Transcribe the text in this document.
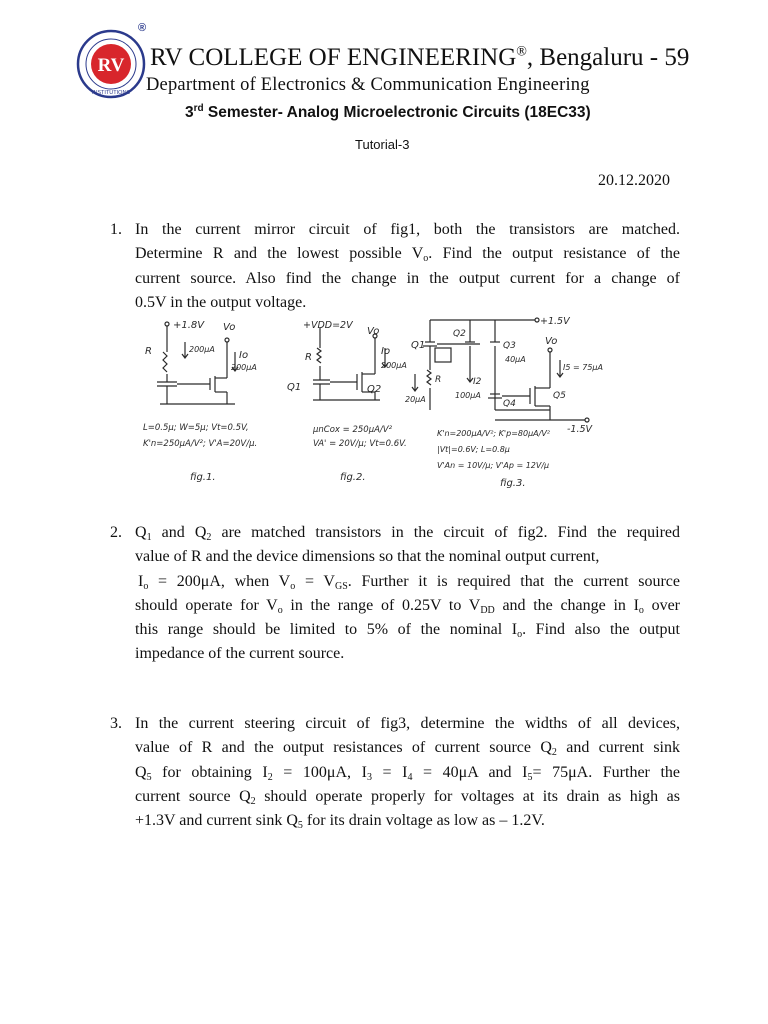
RV
INSTITUTIONS
®
RV COLLEGE OF ENGINEERING®, Bengaluru - 59
Department of Electronics & Communication Engineering
3rd Semester- Analog Microelectronic Circuits (18EC33)
Tutorial-3
20.12.2020
1. In the current mirror circuit of fig1, both the transistors are matched.
Determine R and the lowest possible $V_o$. Find the output resistance of the
current source. Also find the change in the output current for a change of
0.5V in the output voltage.
+1.8V Vo
R	200μA
Io
200μA
L=0.5μ; W=5μ; Vt=0.5V,
K'n=250μA/V²; V'A=20V/μ.
fig.1.
+VDD=2V
Vo
R
Io
200μA
Q1	Q2
μnCox = 250μA/V²
VA' = 20V/μ; Vt=0.6V.
fig.2.
+1.5V
-1.5V
Vo
Q1
Q2
Q3
Q4
Q5
40μA
I5 = 75μA
20μA
I2
100μA
R
K'n=200μA/V²; K'p=80μA/V²
|Vt|=0.6V; L=0.8μ
V'An = 10V/μ; V'Ap = 12V/μ
fig.3.
2. $Q_1$ and $Q_2$ are matched transistors in the circuit of fig2. Find the required
value of R and the device dimensions so that the nominal output current,
$I_o = 200\mu A$, when $V_o = V_{GS}$. Further it is required that the current source
should operate for $V_o$ in the range of 0.25V to $V_{DD}$ and the change in $I_o$ over
this range should be limited to 5% of the nominal $I_o$. Find also the output
impedance of the current source.
3. In the current steering circuit of fig3, determine the widths of all devices,
value of R and the output resistances of current source $Q_2$ and current sink
$Q_5$ for obtaining $I_2 = 100\mu A$, $I_3 = I_4 = 40\mu A$ and $I_5= 75\mu A$. Further the
current source $Q_2$ should operate properly for voltages at its drain as high as
+1.3V and current sink $Q_5$ for its drain voltage as low as – 1.2V.
